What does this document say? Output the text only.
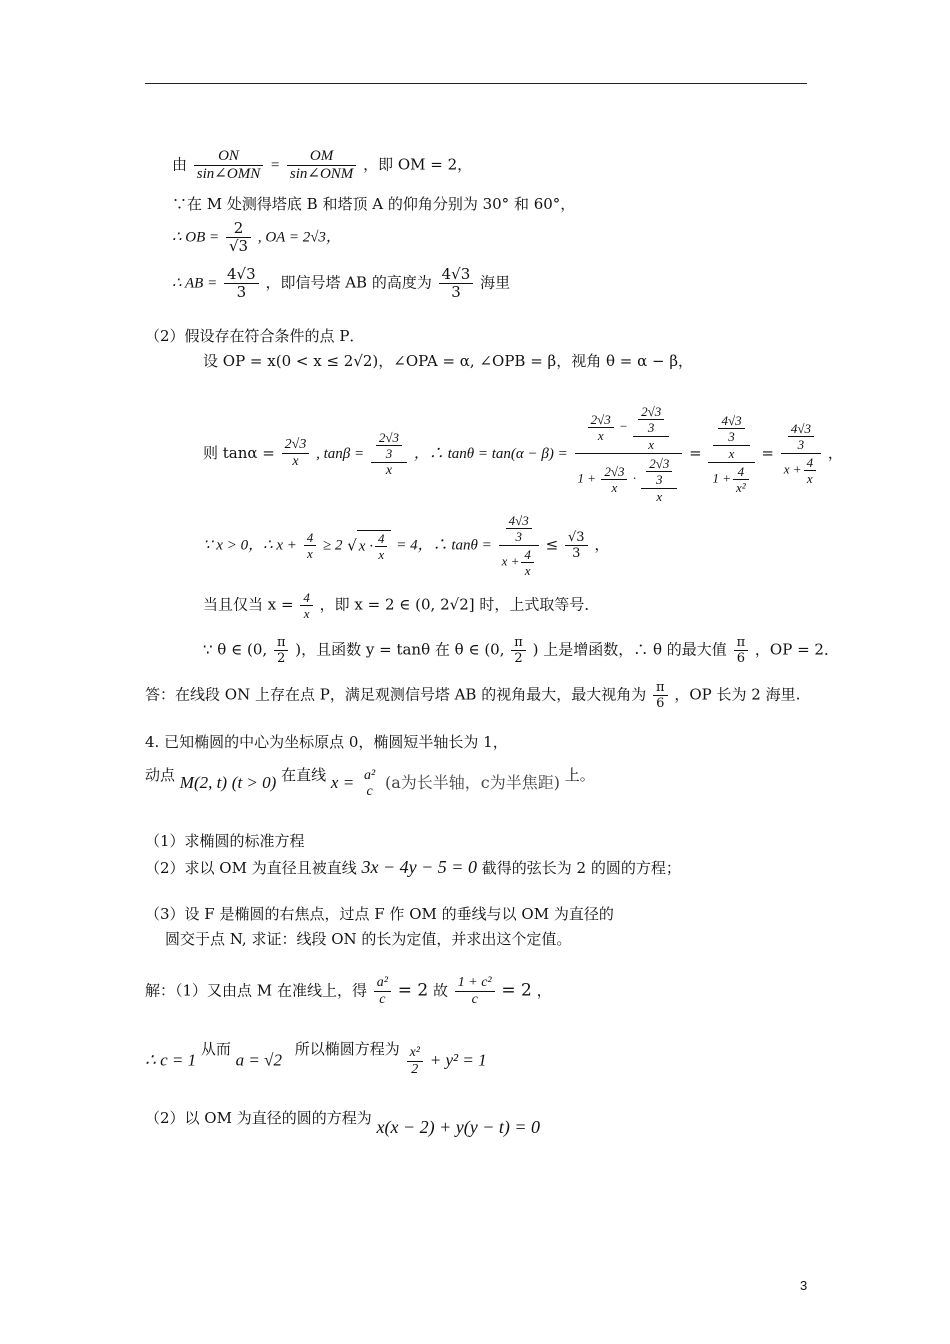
由 $\frac{ON}{\text{sin∠OMN}} = \frac{OM}{\text{sin∠ONM}}$ ，即 OM = 2，
∵在 M 处测得塔底 B 和塔顶 A 的仰角分别为 30° 和 60°，
∴ OB = $\frac{2}{√3}$ , OA = 2√3，
∴ AB = $\frac{4√3}{3}$ ，即信号塔 AB 的高度为 $\frac{4√3}{3}$ 海里
（2）假设存在符合条件的点 P．
设 OP = x(0 < x ≤ 2√2)，∠OPA = α, ∠OPB = β，视角 θ = α − β，
则 $\tan\alpha = \frac{2√3}{x}$ , $\tan\beta = \frac{\frac{2√3}{3}}{x}$ ，∴ $\tan\theta = \tan(\alpha - \beta) = \frac{\frac{2√3}{x} - \frac{\frac{2√3}{3}}{x}}{1 + \frac{2√3}{x} \cdot \frac{\frac{2√3}{3}}{x}} = \frac{\frac{\frac{4√3}{3}}{x}}{1 + \frac{4}{\text{x²}}} = \frac{\frac{4√3}{3}}{x + \frac{4}{x}}$ ，
∵ x > 0，∴ $x + \frac{4}{x} \ge 2$ √ $x \cdot \frac{4}{x} = 4$，∴ $\tan\theta = \frac{\frac{4√3}{3}}{x + \frac{4}{x}} \le \frac{√3}{3}$ ，
当且仅当 $x = \frac{4}{x}$ ，即 x = 2 ∈ (0, 2√2] 时，上式取等号．
∵ θ ∈ (0, $\frac{\pi}{2}$ )，且函数 y = tanθ 在 θ ∈ (0, $\frac{\pi}{2}$ ) 上是增函数，∴ θ 的最大值 $\frac{\pi}{6}$ ，OP = 2．
答：在线段 ON 上存在点 P，满足观测信号塔 AB 的视角最大，最大视角为 $\frac{\pi}{6}$ ，OP 长为 2 海里.
4. 已知椭圆的中心为坐标原点 0，椭圆短半轴长为 1，
动点 M(2, t) (t > 0) 在直线 x = a²
c (a为长半轴，c为半焦距) 上。
（1）求椭圆的标准方程
（2）求以 OM 为直径且被直线 3x − 4y − 5 = 0 截得的弦长为 2 的圆的方程；
（3）设 F 是椭圆的右焦点，过点 F 作 OM 的垂线与以 OM 为直径的
圆交于点 N, 求证：线段 ON 的长为定值，并求出这个定值。
解：（1）又由点 M 在准线上，得 $\frac{\text{a²}}{c} = 2$ 故 $\frac{\text{1 + c²}}{c} = 2$ ，
∴ c = 1 从而 a = √2 所以椭圆方程为 $\frac{\text{x²}}{2} + y^2 = 1$
（2）以 OM 为直径的圆的方程为 x(x − 2) + y(y − t) = 0
3
